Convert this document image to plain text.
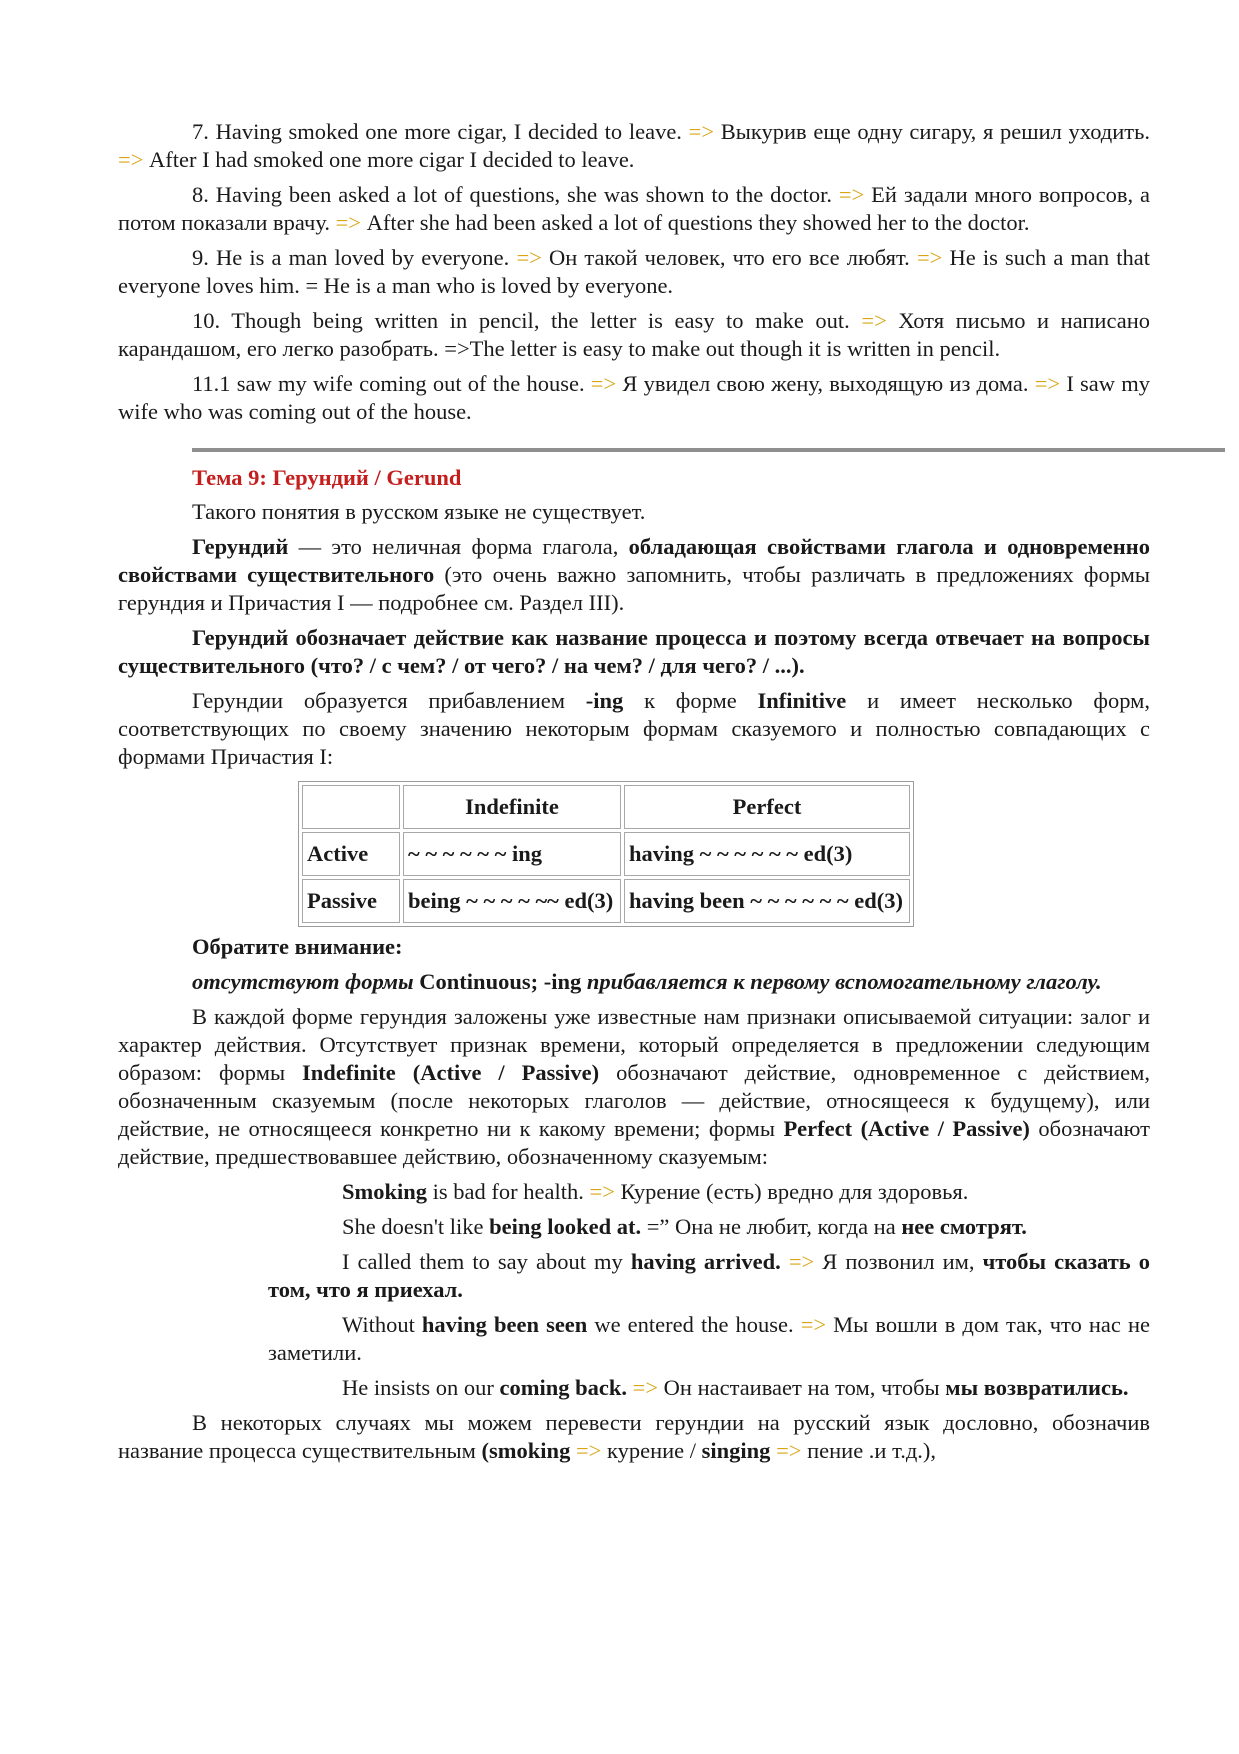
7. Having smoked one more cigar, I decided to leave. => Выкурив еще одну сигару, я решил уходить. => After I had smoked one more cigar I decided to leave.

8. Having been asked a lot of questions, she was shown to the doctor. => Ей задали много вопросов, а потом показали врачу. => After she had been asked a lot of questions they showed her to the doctor.

9. He is a man loved by everyone. => Он такой человек, что его все любят. => He is such a man that everyone loves him. = He is a man who is loved by everyone.

10. Though being written in pencil, the letter is easy to make out. => Хотя письмо и написано карандашом, его легко разобрать. =>The letter is easy to make out though it is written in pencil.

11.1 saw my wife coming out of the house. => Я увидел свою жену, выходящую из дома. => I saw my wife who was coming out of the house.

Тема 9: Герундий / Gerund

Такого понятия в русском языке не существует.

Герундий — это неличная форма глагола, обладающая свойствами глагола и одновременно свойствами существительного (это очень важно запомнить, чтобы различать в предложениях формы герундия и Причастия I — подробнее см. Раздел III).

Герундий обозначает действие как название процесса и поэтому всегда отвечает на вопросы существительного (что? / с чем? / от чего? / на чем? / для чего? / ...).

Герундии образуется прибавлением -ing к форме Infinitive и имеет несколько форм, соответствующих по своему значению некоторым формам сказуемого и полностью совпадающих с формами Причастия I:

	Indefinite	Perfect
Active	~ ~ ~ ~ ~ ~ ing	having ~ ~ ~ ~ ~ ~ ed(3)
Passive	being ~ ~ ~ ~ ~~ ed(3)	having been ~ ~ ~ ~ ~ ~ ed(3)
Обратите внимание:

отсутствуют формы Continuous; -ing прибавляется к первому вспомогательному глаголу.

В каждой форме герундия заложены уже известные нам признаки описываемой ситуации: залог и характер действия. Отсутствует признак времени, который определяется в предложении следующим образом: формы Indefinite (Active / Passive) обозначают действие, одновременное с действием, обозначенным сказуемым (после некоторых глаголов — действие, относящееся к будущему), или действие, не относящееся конкретно ни к какому времени; формы Perfect (Active / Passive) обозначают действие, предшествовавшее действию, обозначенному сказуемым:

Smoking is bad for health. => Курение (есть) вредно для здоровья.

She doesn't like being looked at. =” Она не любит, когда на нее смотрят.

I called them to say about my having arrived. => Я позвонил им, чтобы сказать о том, что я приехал.

Without having been seen we entered the house. => Мы вошли в дом так, что нас не заметили.

He insists on our coming back. => Он настаивает на том, чтобы мы возвратились.

В некоторых случаях мы можем перевести герундии на русский язык дословно, обозначив название процесса существительным (smoking => курение / singing => пение .и т.д.),
